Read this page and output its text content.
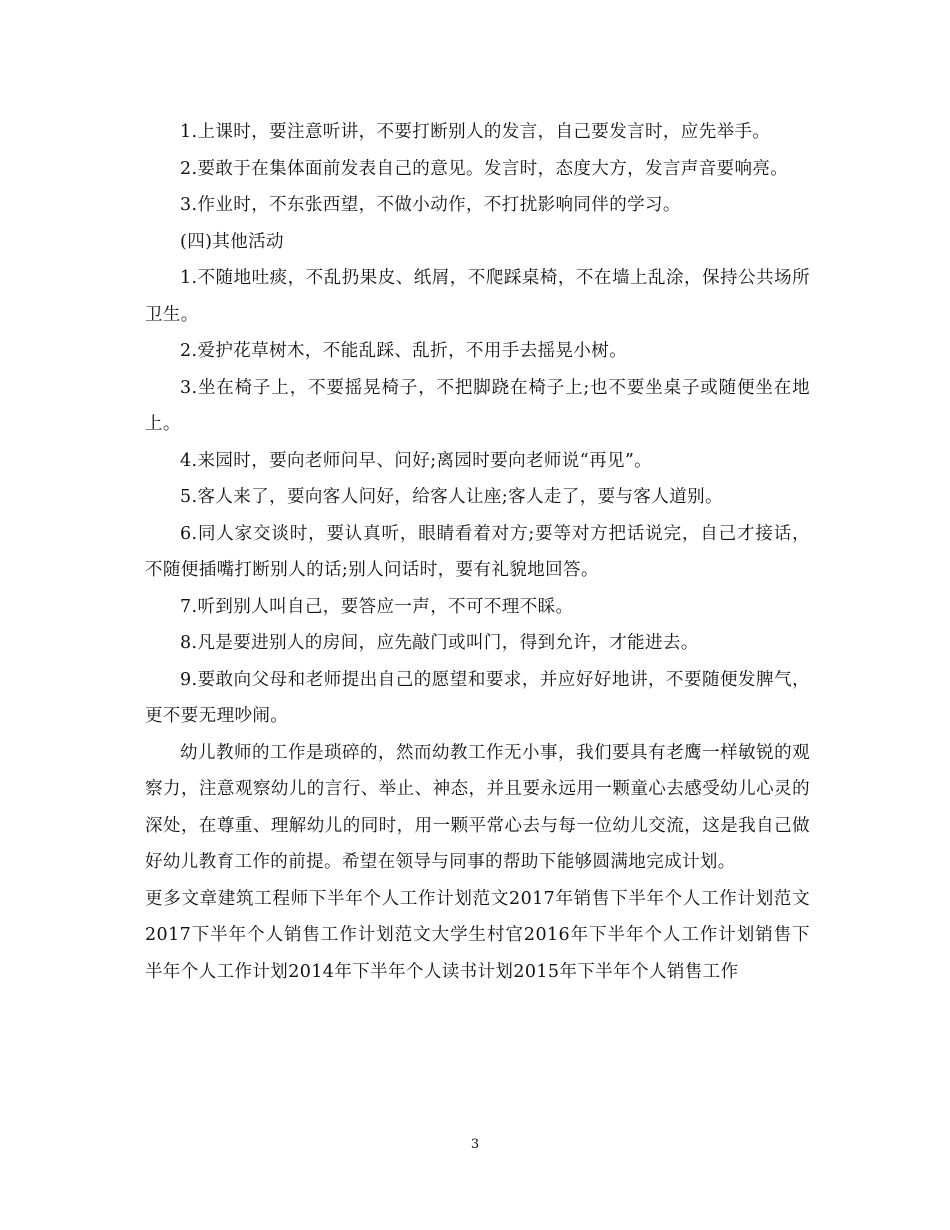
1.上课时，要注意听讲，不要打断别人的发言，自己要发言时，应先举手。

2.要敢于在集体面前发表自己的意见。发言时，态度大方，发言声音要响亮。

3.作业时，不东张西望，不做小动作，不打扰影响同伴的学习。

(四)其他活动

1.不随地吐痰，不乱扔果皮、纸屑，不爬踩桌椅，不在墙上乱涂，保持公共场所卫生。

2.爱护花草树木，不能乱踩、乱折，不用手去摇晃小树。

3.坐在椅子上，不要摇晃椅子，不把脚跷在椅子上;也不要坐桌子或随便坐在地上。

4.来园时，要向老师问早、问好;离园时要向老师说“再见”。

5.客人来了，要向客人问好，给客人让座;客人走了，要与客人道别。

6.同人家交谈时，要认真听，眼睛看着对方;要等对方把话说完，自己才接话，不随便插嘴打断别人的话;别人问话时，要有礼貌地回答。

7.听到别人叫自己，要答应一声，不可不理不睬。

8.凡是要进别人的房间，应先敲门或叫门，得到允许，才能进去。

9.要敢向父母和老师提出自己的愿望和要求，并应好好地讲，不要随便发脾气，更不要无理吵闹。

幼儿教师的工作是琐碎的，然而幼教工作无小事，我们要具有老鹰一样敏锐的观察力，注意观察幼儿的言行、举止、神态，并且要永远用一颗童心去感受幼儿心灵的深处，在尊重、理解幼儿的同时，用一颗平常心去与每一位幼儿交流，这是我自己做好幼儿教育工作的前提。希望在领导与同事的帮助下能够圆满地完成计划。

更多文章建筑工程师下半年个人工作计划范文2017年销售下半年个人工作计划范文2017下半年个人销售工作计划范文大学生村官2016年下半年个人工作计划销售下半年个人工作计划2014年下半年个人读书计划2015年下半年个人销售工作

3
